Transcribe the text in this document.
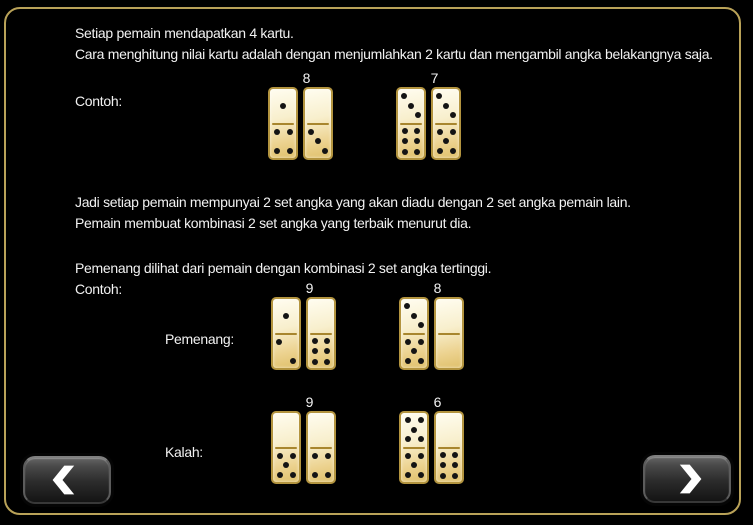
Setiap pemain mendapatkan 4 kartu.
Cara menghitung nilai kartu adalah dengan menjumlahkan 2 kartu dan mengambil angka belakangnya saja.
Contoh:
8	7
Jadi setiap pemain mempunyai 2 set angka yang akan diadu dengan 2 set angka pemain lain.
Pemain membuat kombinasi 2 set angka yang terbaik menurut dia.
Pemenang dilihat dari pemain dengan kombinasi 2 set angka tertinggi.
Contoh:
Pemenang:
9	8
Kalah:
9	6
